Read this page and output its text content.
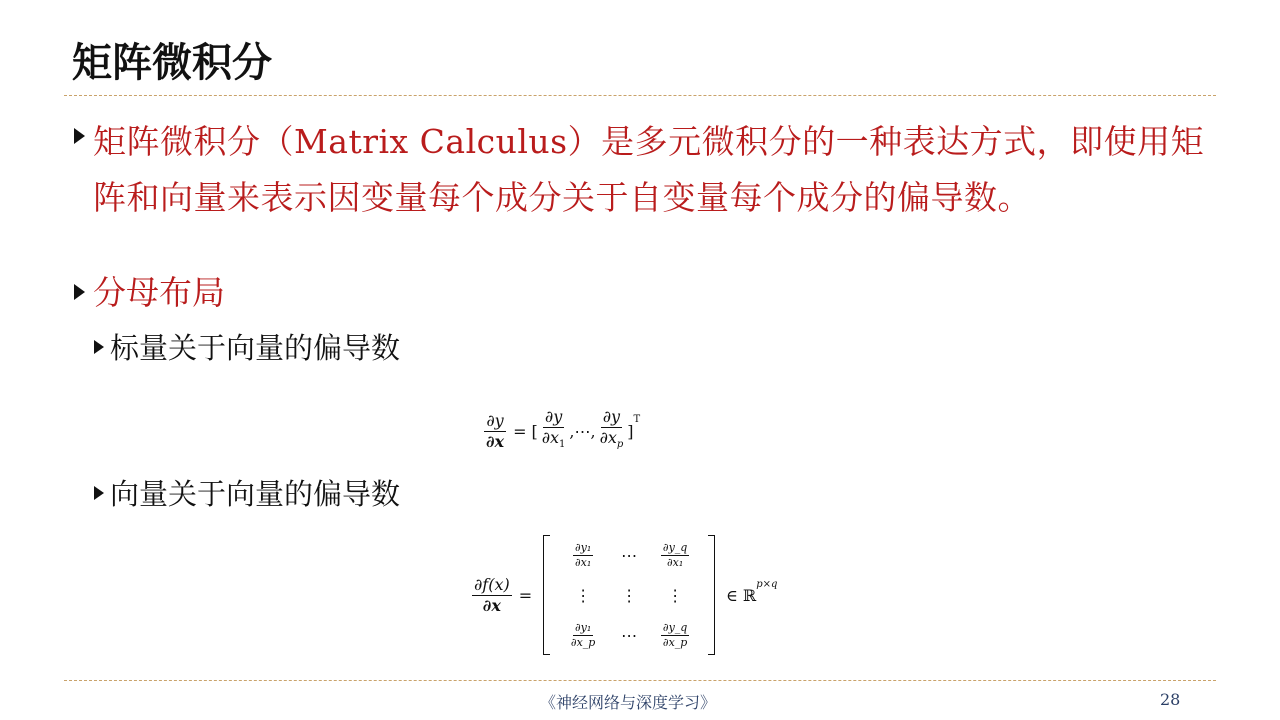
矩阵微积分
矩阵微积分（Matrix Calculus）是多元微积分的一种表达方式，即使用矩阵和向量来表示因变量每个成分关于自变量每个成分的偏导数。
分母布局
标量关于向量的偏导数
$\frac{\partial y}{\partial x}$ = [ $\frac{\partial y}{\partial x_1}$ ,⋯, $\frac{\partial y}{\partial x_p}$ ]
$^T$
向量关于向量的偏导数
$\frac{\partial f(x)}{\partial x}$ =
$\frac{\text{∂y₁}}{\text{∂x₁}}$ ⋯ $\frac{\partial y\_q}{\text{∂x₁}}$
⋮ ⋮ ⋮
$\frac{\text{∂y₁}}{\partial x\_p}$ ⋯ $\frac{\partial y\_q}{\partial x\_p}$
∈ ℝ
$^{p\times q}$
《神经网络与深度学习》	28
